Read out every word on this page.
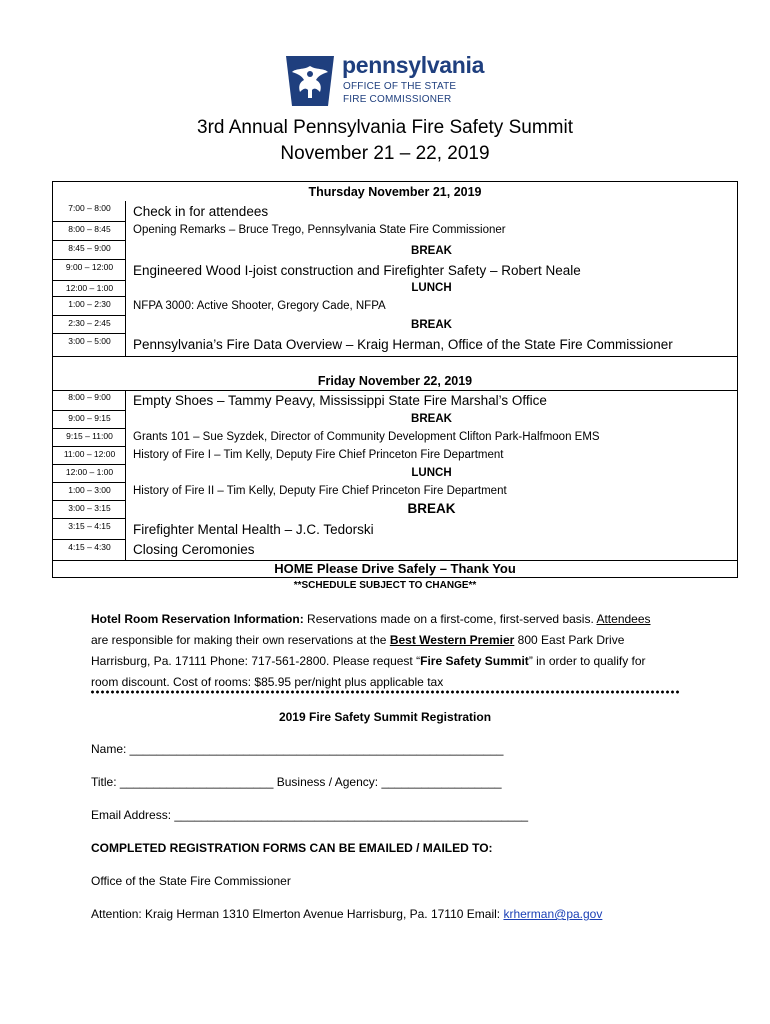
pennsylvania
OFFICE OF THE STATE
FIRE COMMISSIONER
3rd Annual Pennsylvania Fire Safety Summit
November 21 – 22, 2019
Thursday November 21, 2019
7:00 – 8:00	Check in for attendees
8:00 – 8:45	Opening Remarks – Bruce Trego, Pennsylvania State Fire Commissioner
8:45 – 9:00	BREAK
9:00 – 12:00	Engineered Wood I-joist construction and Firefighter Safety – Robert Neale
12:00 – 1:00	LUNCH
1:00 – 2:30	NFPA 3000: Active Shooter, Gregory Cade, NFPA
2:30 – 2:45	BREAK
3:00 – 5:00	Pennsylvania’s Fire Data Overview – Kraig Herman, Office of the State Fire Commissioner
Friday November 22, 2019
8:00 – 9:00	Empty Shoes – Tammy Peavy, Mississippi State Fire Marshal’s Office
9:00 – 9:15	BREAK
9:15 – 11:00	Grants 101 – Sue Syzdek, Director of Community Development Clifton Park-Halfmoon EMS
11:00 – 12:00	History of Fire I – Tim Kelly, Deputy Fire Chief Princeton Fire Department
12:00 – 1:00	LUNCH
1:00 – 3:00	History of Fire II – Tim Kelly, Deputy Fire Chief Princeton Fire Department
3:00 – 3:15	BREAK
3:15 – 4:15	Firefighter Mental Health – J.C. Tedorski
4:15 – 4:30	Closing Ceromonies
HOME Please Drive Safely – Thank You
**SCHEDULE SUBJECT TO CHANGE**
Hotel Room Reservation Information: Reservations made on a first-come, first-served basis. Attendees
are responsible for making their own reservations at the Best Western Premier 800 East Park Drive
Harrisburg, Pa. 17111 Phone: 717-561-2800. Please request “Fire Safety Summit” in order to qualify for
room discount. Cost of rooms: $85.95 per/night plus applicable tax
2019 Fire Safety Summit Registration
Name: ________________________________________________________
Title: _______________________ Business / Agency: __________________
Email Address: _____________________________________________________
COMPLETED REGISTRATION FORMS CAN BE EMAILED / MAILED TO:
Office of the State Fire Commissioner
Attention: Kraig Herman 1310 Elmerton Avenue Harrisburg, Pa. 17110 Email: krherman@pa.gov
